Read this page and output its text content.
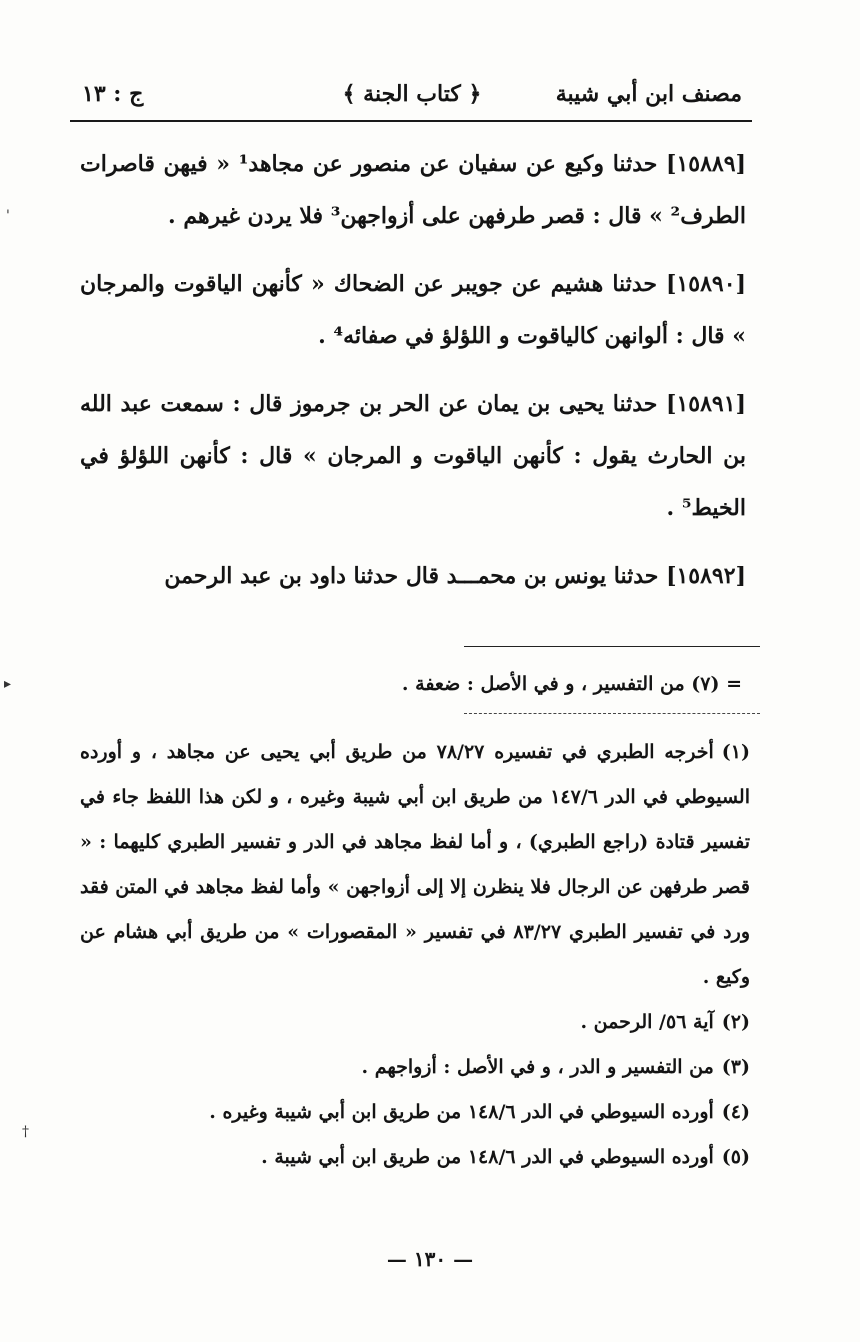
مصنف ابن أبي شيبة
﴿ كتاب الجنة ﴾
ج : ١٣

[١٥٨٨٩] حدثنا وكيع عن سفيان عن منصور عن مجاهد¹ « فيهن قاصرات الطرف² » قال : قصر طرفهن على أزواجهن³ فلا يردن غيرهم .

[١٥٨٩٠] حدثنا هشيم عن جويبر عن الضحاك « كأنهن الياقوت والمرجان » قال : ألوانهن كالياقوت و اللؤلؤ في صفائه⁴ .

[١٥٨٩١] حدثنا يحيى بن يمان عن الحر بن جرموز قال : سمعت عبد الله بن الحارث يقول : كأنهن الياقوت و المرجان » قال : كأنهن اللؤلؤ في الخيط⁵ .

[١٥٨٩٢] حدثنا يونس بن محمـــد قال حدثنا داود بن عبد الرحمن

= (٧) من التفسير ، و في الأصل : ضعفة .

(١)أخرجه الطبري في تفسيره ٧٨/٢٧ من طريق أبي يحيى عن مجاهد ، و أورده السيوطي في الدر ١٤٧/٦ من طريق ابن أبي شيبة وغيره ، و لكن هذا اللفظ جاء في تفسير قتادة (راجع الطبري) ، و أما لفظ مجاهد في الدر و تفسير الطبري كليهما : « قصر طرفهن عن الرجال فلا ينظرن إلا إلى أزواجهن » وأما لفظ مجاهد في المتن فقد ورد في تفسير الطبري ٨٣/٢٧ في تفسير « المقصورات » من طريق أبي هشام عن وكيع .

(٢)آية ٥٦/ الرحمن .

(٣)من التفسير و الدر ، و في الأصل : أزواجهم .

(٤)أورده السيوطي في الدر ١٤٨/٦ من طريق ابن أبي شيبة وغيره .

(٥)أورده السيوطي في الدر ١٤٨/٦ من طريق ابن أبي شيبة .

— ١٣٠ —
'
▸
†
